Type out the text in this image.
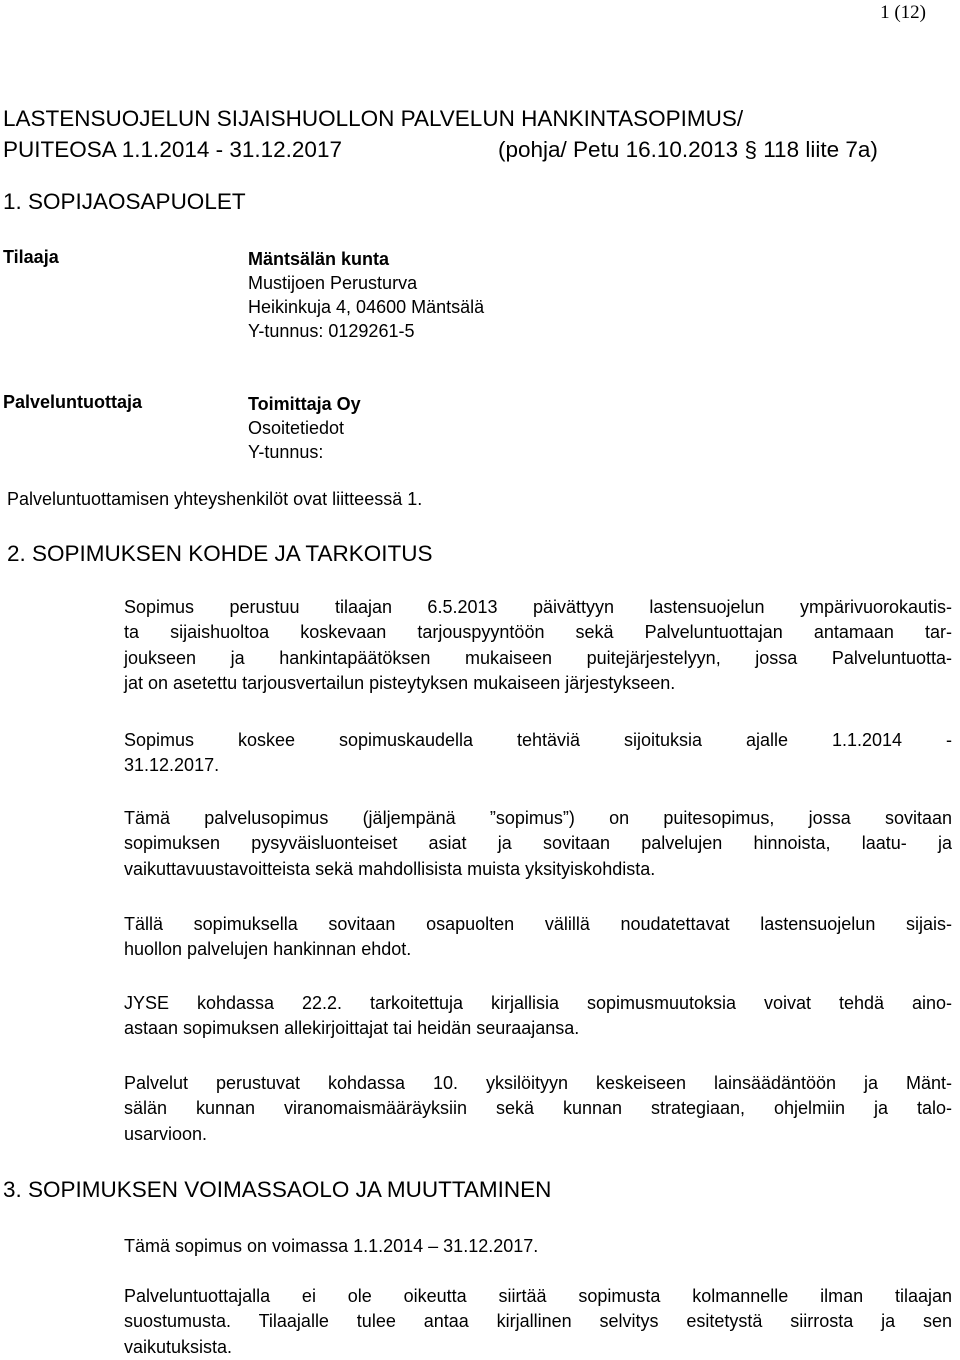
1 (12)
LASTENSUOJELUN SIJAISHUOLLON PALVELUN HANKINTASOPIMUS/
PUITEOSA 1.1.2014 - 31.12.2017	(pohja/ Petu 16.10.2013 § 118 liite 7a)
1. SOPIJAOSAPUOLET
Tilaaja	Mäntsälän kunta
Mustijoen Perusturva
Heikinkuja 4, 04600 Mäntsälä
Y-tunnus: 0129261-5
Palveluntuottaja	Toimittaja Oy
Osoitetiedot
Y-tunnus:
Palveluntuottamisen yhteyshenkilöt ovat liitteessä 1.
2. SOPIMUKSEN KOHDE JA TARKOITUS
Sopimus perustuu tilaajan 6.5.2013 päivättyyn lastensuojelun ympärivuorokautis-
ta sijaishuoltoa koskevaan tarjouspyyntöön sekä Palveluntuottajan antamaan tar-
joukseen ja hankintapäätöksen mukaiseen puitejärjestelyyn, jossa Palveluntuotta-
jat on asetettu tarjousvertailun pisteytyksen mukaiseen järjestykseen.
Sopimus koskee sopimuskaudella tehtäviä sijoituksia ajalle 1.1.2014 -
31.12.2017.
Tämä palvelusopimus (jäljempänä ”sopimus”) on puitesopimus, jossa sovitaan
sopimuksen pysyväisluonteiset asiat ja sovitaan palvelujen hinnoista, laatu- ja
vaikuttavuustavoitteista sekä mahdollisista muista yksityiskohdista.
Tällä sopimuksella sovitaan osapuolten välillä noudatettavat lastensuojelun sijais-
huollon palvelujen hankinnan ehdot.
JYSE kohdassa 22.2. tarkoitettuja kirjallisia sopimusmuutoksia voivat tehdä aino-
astaan sopimuksen allekirjoittajat tai heidän seuraajansa.
Palvelut perustuvat kohdassa 10. yksilöityyn keskeiseen lainsäädäntöön ja Mänt-
sälän kunnan viranomaismääräyksiin sekä kunnan strategiaan, ohjelmiin ja talo-
usarvioon.
3. SOPIMUKSEN VOIMASSAOLO JA MUUTTAMINEN
Tämä sopimus on voimassa 1.1.2014 – 31.12.2017.
Palveluntuottajalla ei ole oikeutta siirtää sopimusta kolmannelle ilman tilaajan
suostumusta. Tilaajalle tulee antaa kirjallinen selvitys esitetystä siirrosta ja sen
vaikutuksista.
